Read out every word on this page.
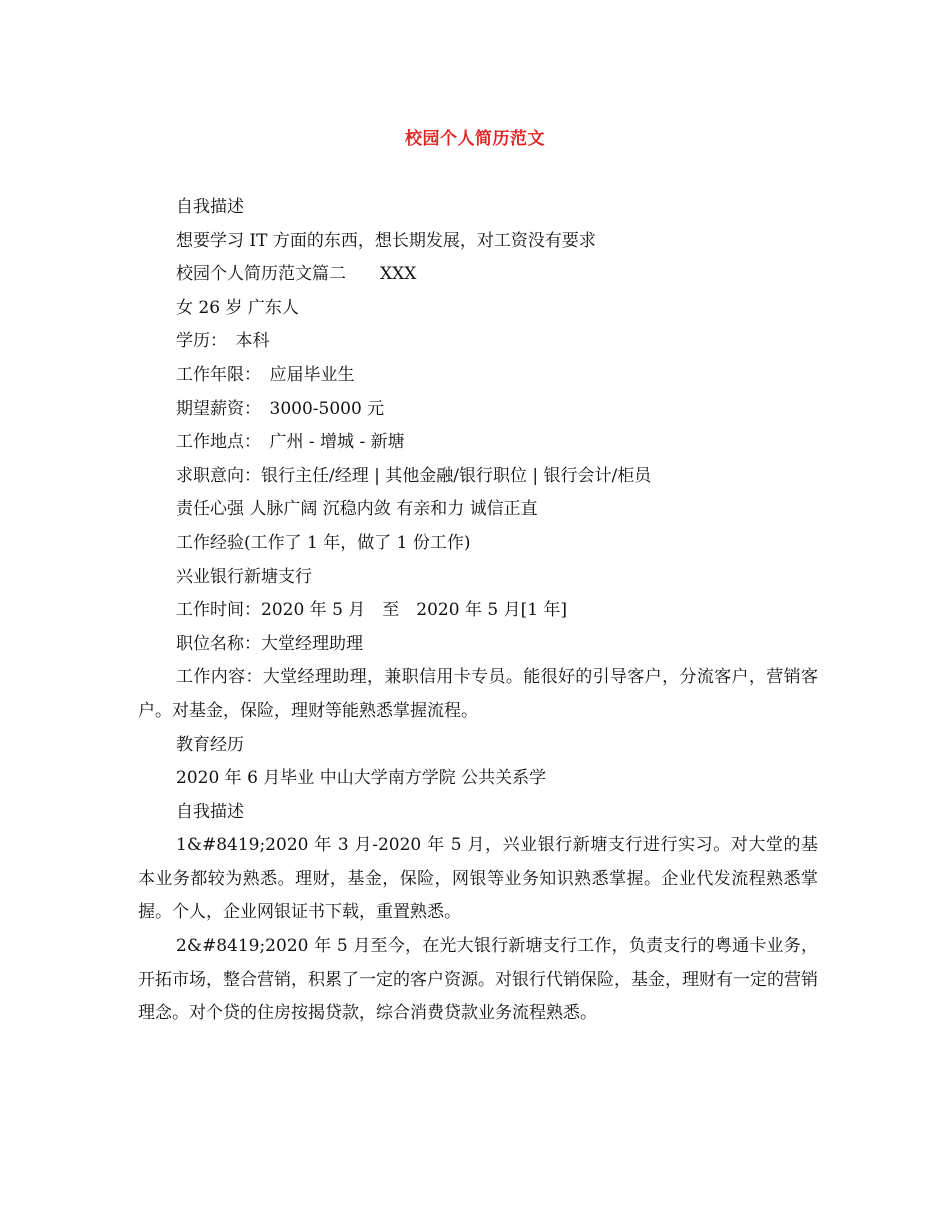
校园个人简历范文

自我描述

想要学习 IT 方面的东西，想长期发展，对工资没有要求

校园个人简历范文篇二　　XXX

女 26 岁 广东人

学历：　本科

工作年限：　应届毕业生

期望薪资：　3000-5000 元

工作地点：　广州 - 增城 - 新塘

求职意向：银行主任/经理 | 其他金融/银行职位 | 银行会计/柜员

责任心强 人脉广阔 沉稳内敛 有亲和力 诚信正直

工作经验(工作了 1 年，做了 1 份工作)

兴业银行新塘支行

工作时间：2020 年 5 月　至　2020 年 5 月[1 年]

职位名称：大堂经理助理

工作内容：大堂经理助理，兼职信用卡专员。能很好的引导客户，分流客户，营销客户。对基金，保险，理财等能熟悉掌握流程。

教育经历

2020 年 6 月毕业 中山大学南方学院 公共关系学

自我描述

1&#8419;2020 年 3 月-2020 年 5 月，兴业银行新塘支行进行实习。对大堂的基本业务都较为熟悉。理财，基金，保险，网银等业务知识熟悉掌握。企业代发流程熟悉掌握。个人，企业网银证书下载，重置熟悉。

2&#8419;2020 年 5 月至今，在光大银行新塘支行工作，负责支行的粤通卡业务，开拓市场，整合营销，积累了一定的客户资源。对银行代销保险，基金，理财有一定的营销理念。对个贷的住房按揭贷款，综合消费贷款业务流程熟悉。
